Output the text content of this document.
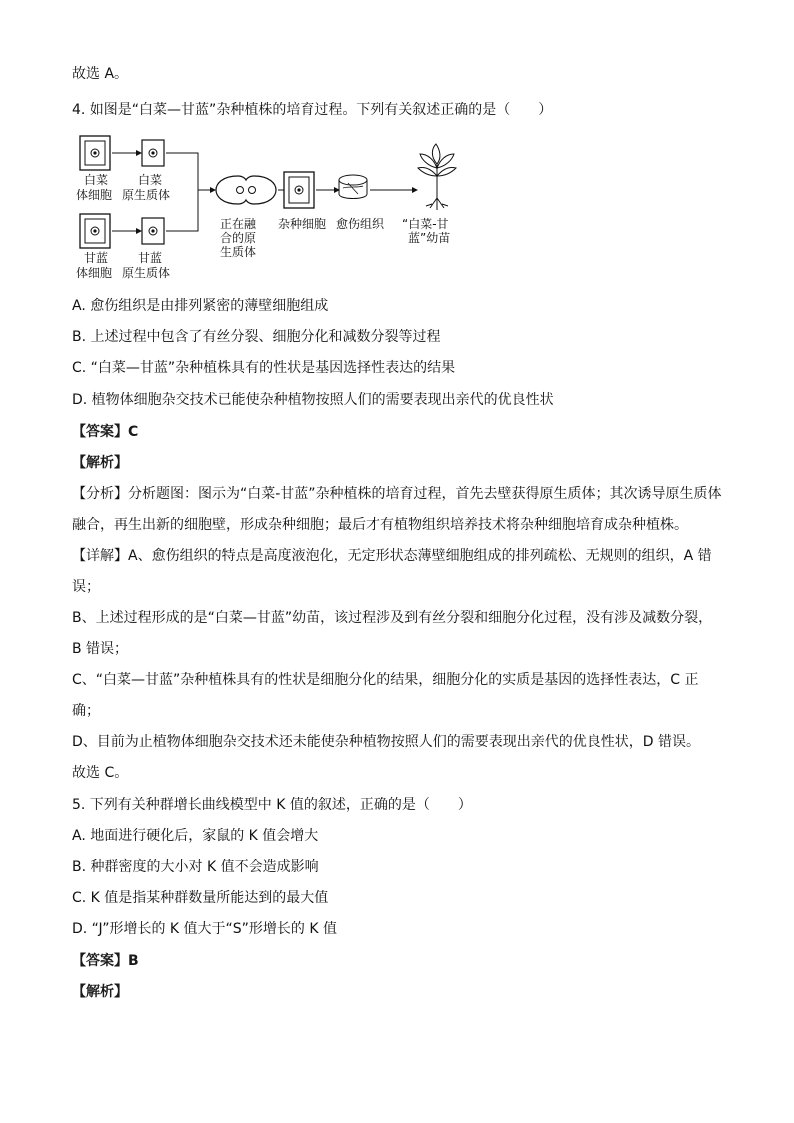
故选 A。
4. 如图是“白菜—甘蓝”杂种植株的培育过程。下列有关叙述正确的是（　　）
白菜
体细胞
白菜
原生质体
甘蓝
体细胞
甘蓝
原生质体
正在融
合的原
生质体
杂种细胞 愈伤组织 “白菜-甘
蓝”幼苗
A. 愈伤组织是由排列紧密的薄壁细胞组成
B. 上述过程中包含了有丝分裂、细胞分化和减数分裂等过程
C. “白菜—甘蓝”杂种植株具有的性状是基因选择性表达的结果
D. 植物体细胞杂交技术已能使杂种植物按照人们的需要表现出亲代的优良性状
【答案】C
【解析】
【分析】分析题图：图示为“白菜-甘蓝”杂种植株的培育过程，首先去壁获得原生质体；其次诱导原生质体
融合，再生出新的细胞壁，形成杂种细胞；最后才有植物组织培养技术将杂种细胞培育成杂种植株。
【详解】A、愈伤组织的特点是高度液泡化，无定形状态薄壁细胞组成的排列疏松、无规则的组织，A 错
误；
B、上述过程形成的是“白菜—甘蓝”幼苗，该过程涉及到有丝分裂和细胞分化过程，没有涉及减数分裂，
B 错误；
C、“白菜—甘蓝”杂种植株具有的性状是细胞分化的结果，细胞分化的实质是基因的选择性表达，C 正
确；
D、目前为止植物体细胞杂交技术还未能使杂种植物按照人们的需要表现出亲代的优良性状，D 错误。
故选 C。
5. 下列有关种群增长曲线模型中 K 值的叙述，正确的是（　　）
A. 地面进行硬化后，家鼠的 K 值会增大
B. 种群密度的大小对 K 值不会造成影响
C. K 值是指某种群数量所能达到的最大值
D. “J”形增长的 K 值大于“S”形增长的 K 值
【答案】B
【解析】
